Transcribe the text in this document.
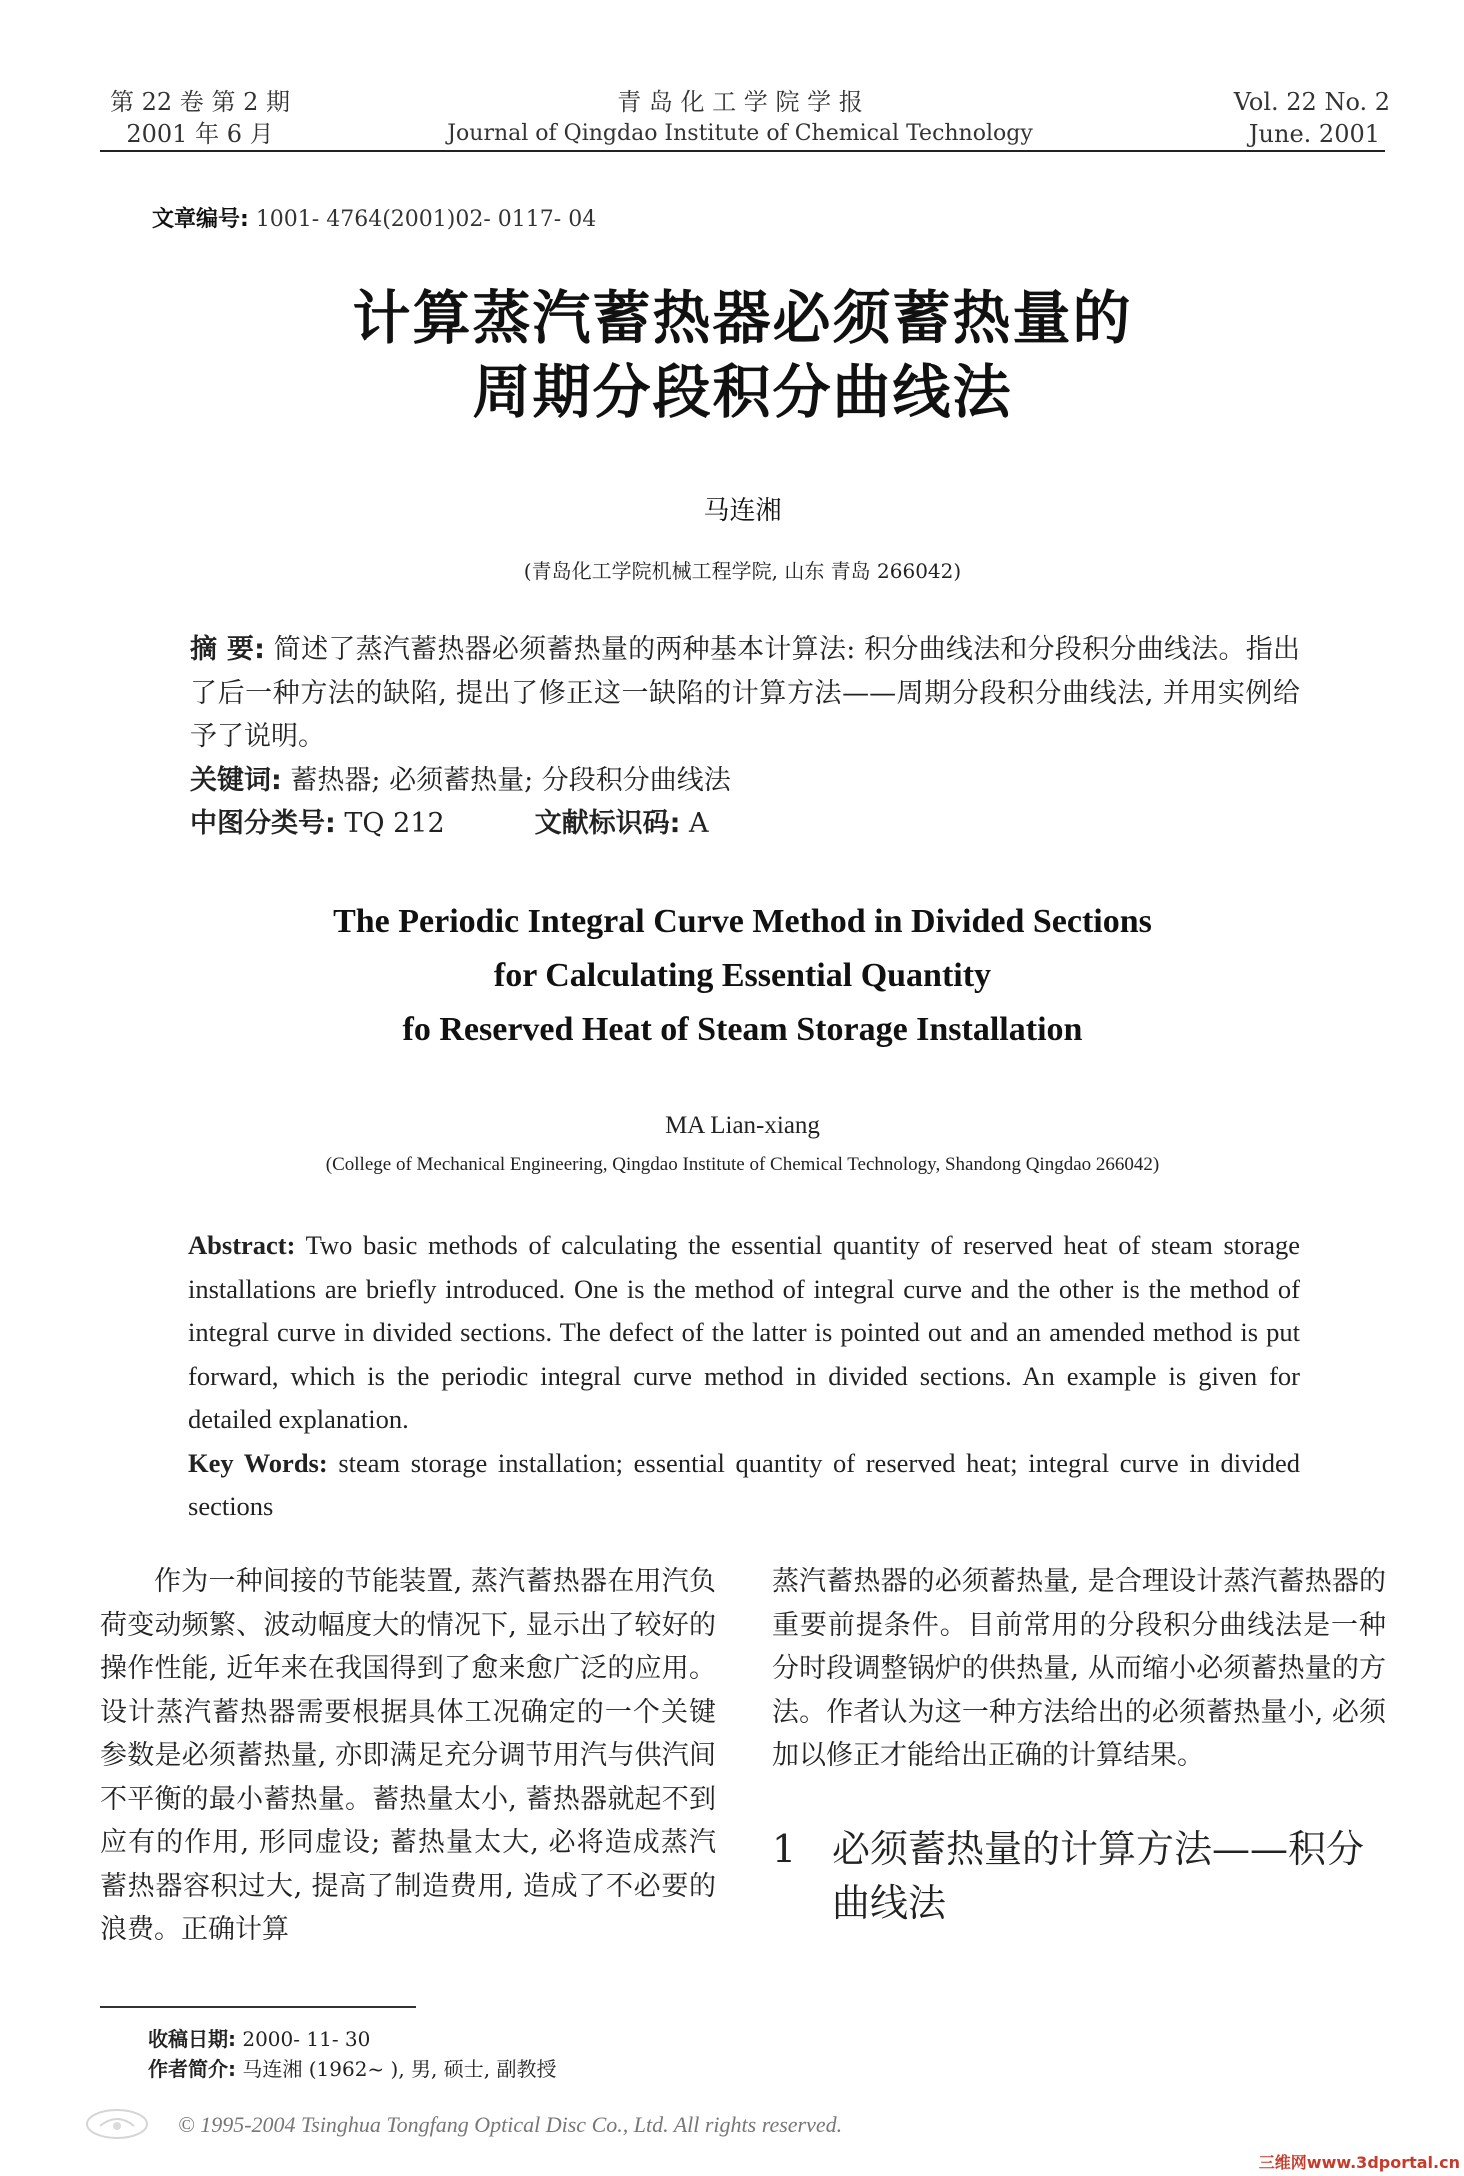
第 22 卷 第 2 期
2001 年 6 月
青 岛 化 工 学 院 学 报
Journal of Qingdao Institute of Chemical Technology
Vol. 22 No. 2
June. 2001
文章编号: 1001- 4764(2001)02- 0117- 04
计算蒸汽蓄热器必须蓄热量的
周期分段积分曲线法
马连湘
(青岛化工学院机械工程学院, 山东 青岛 266042)

摘 要: 简述了蒸汽蓄热器必须蓄热量的两种基本计算法: 积分曲线法和分段积分曲线法。指出了后一种方法的缺陷, 提出了修正这一缺陷的计算方法——周期分段积分曲线法, 并用实例给予了说明。

关键词: 蓄热器; 必须蓄热量; 分段积分曲线法

中图分类号: TQ 212	文献标识码: A

The Periodic Integral Curve Method in Divided Sections
for Calculating Essential Quantity
fo Reserved Heat of Steam Storage Installation
MA Lian-xiang
(College of Mechanical Engineering, Qingdao Institute of Chemical Technology, Shandong Qingdao 266042)

Abstract: Two basic methods of calculating the essential quantity of reserved heat of steam storage installations are briefly introduced. One is the method of integral curve and the other is the method of integral curve in divided sections. The defect of the latter is pointed out and an amended method is put forward, which is the periodic integral curve method in divided sections. An example is given for detailed explanation.

Key Words: steam storage installation; essential quantity of reserved heat; integral curve in divided sections

作为一种间接的节能装置, 蒸汽蓄热器在用汽负荷变动频繁、波动幅度大的情况下, 显示出了较好的操作性能, 近年来在我国得到了愈来愈广泛的应用。设计蒸汽蓄热器需要根据具体工况确定的一个关键参数是必须蓄热量, 亦即满足充分调节用汽与供汽间不平衡的最小蓄热量。蓄热量太小, 蓄热器就起不到应有的作用, 形同虚设; 蓄热量太大, 必将造成蒸汽蓄热器容积过大, 提高了制造费用, 造成了不必要的浪费。正确计算
蒸汽蓄热器的必须蓄热量, 是合理设计蒸汽蓄热器的重要前提条件。目前常用的分段积分曲线法是一种分时段调整锅炉的供热量, 从而缩小必须蓄热量的方法。作者认为这一种方法给出的必须蓄热量小, 必须加以修正才能给出正确的计算结果。
1 必须蓄热量的计算方法——积分曲线法
收稿日期: 2000- 11- 30
作者简介: 马连湘 (1962~ ), 男, 硕士, 副教授
© 1995-2004 Tsinghua Tongfang Optical Disc Co., Ltd. All rights reserved.
三维网www.3dportal.cn
